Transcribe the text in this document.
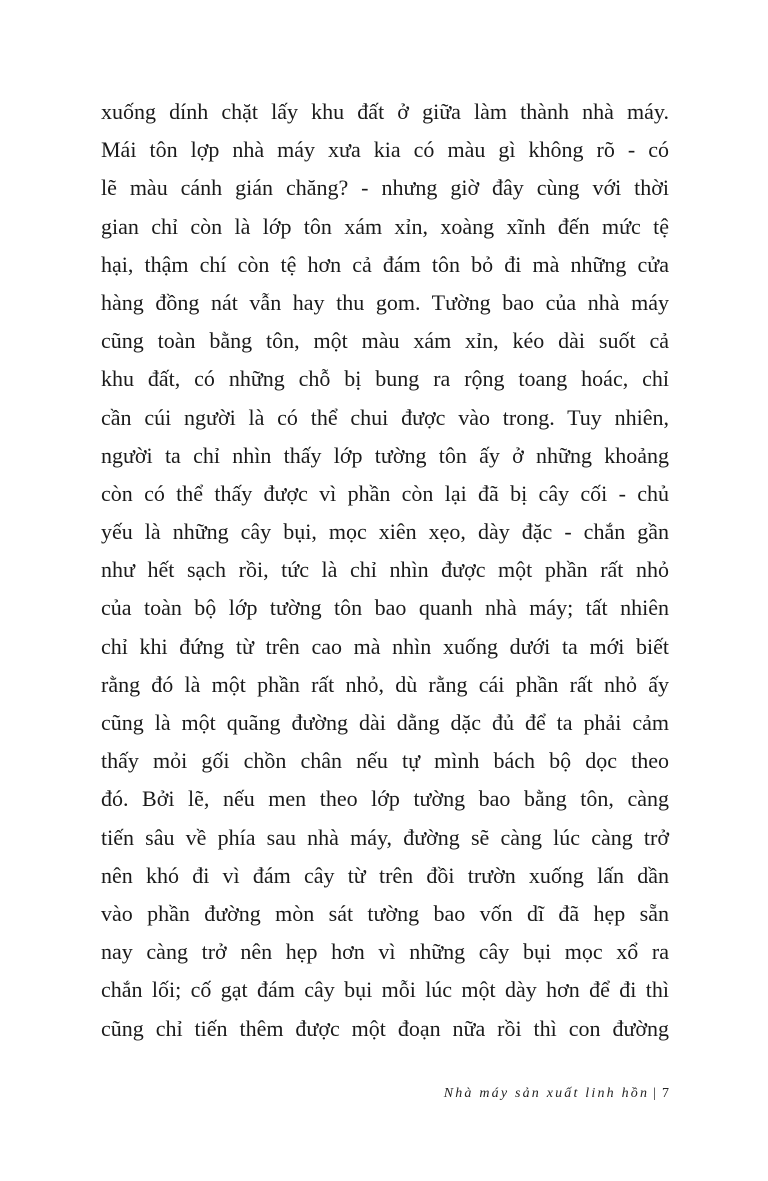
xuống dính chặt lấy khu đất ở giữa làm thành nhà máy.
Mái tôn lợp nhà máy xưa kia có màu gì không rõ - có
lẽ màu cánh gián chăng? - nhưng giờ đây cùng với thời
gian chỉ còn là lớp tôn xám xỉn, xoàng xĩnh đến mức tệ
hại, thậm chí còn tệ hơn cả đám tôn bỏ đi mà những cửa
hàng đồng nát vẫn hay thu gom. Tường bao của nhà máy
cũng toàn bằng tôn, một màu xám xỉn, kéo dài suốt cả
khu đất, có những chỗ bị bung ra rộng toang hoác, chỉ
cần cúi người là có thể chui được vào trong. Tuy nhiên,
người ta chỉ nhìn thấy lớp tường tôn ấy ở những khoảng
còn có thể thấy được vì phần còn lại đã bị cây cối - chủ
yếu là những cây bụi, mọc xiên xẹo, dày đặc - chắn gần
như hết sạch rồi, tức là chỉ nhìn được một phần rất nhỏ
của toàn bộ lớp tường tôn bao quanh nhà máy; tất nhiên
chỉ khi đứng từ trên cao mà nhìn xuống dưới ta mới biết
rằng đó là một phần rất nhỏ, dù rằng cái phần rất nhỏ ấy
cũng là một quãng đường dài dằng dặc đủ để ta phải cảm
thấy mỏi gối chồn chân nếu tự mình bách bộ dọc theo
đó. Bởi lẽ, nếu men theo lớp tường bao bằng tôn, càng
tiến sâu về phía sau nhà máy, đường sẽ càng lúc càng trở
nên khó đi vì đám cây từ trên đồi trườn xuống lấn dần
vào phần đường mòn sát tường bao vốn dĩ đã hẹp sẵn
nay càng trở nên hẹp hơn vì những cây bụi mọc xổ ra
chắn lối; cố gạt đám cây bụi mỗi lúc một dày hơn để đi thì
cũng chỉ tiến thêm được một đoạn nữa rồi thì con đường
Nhà máy sản xuất linh hồn | 7
